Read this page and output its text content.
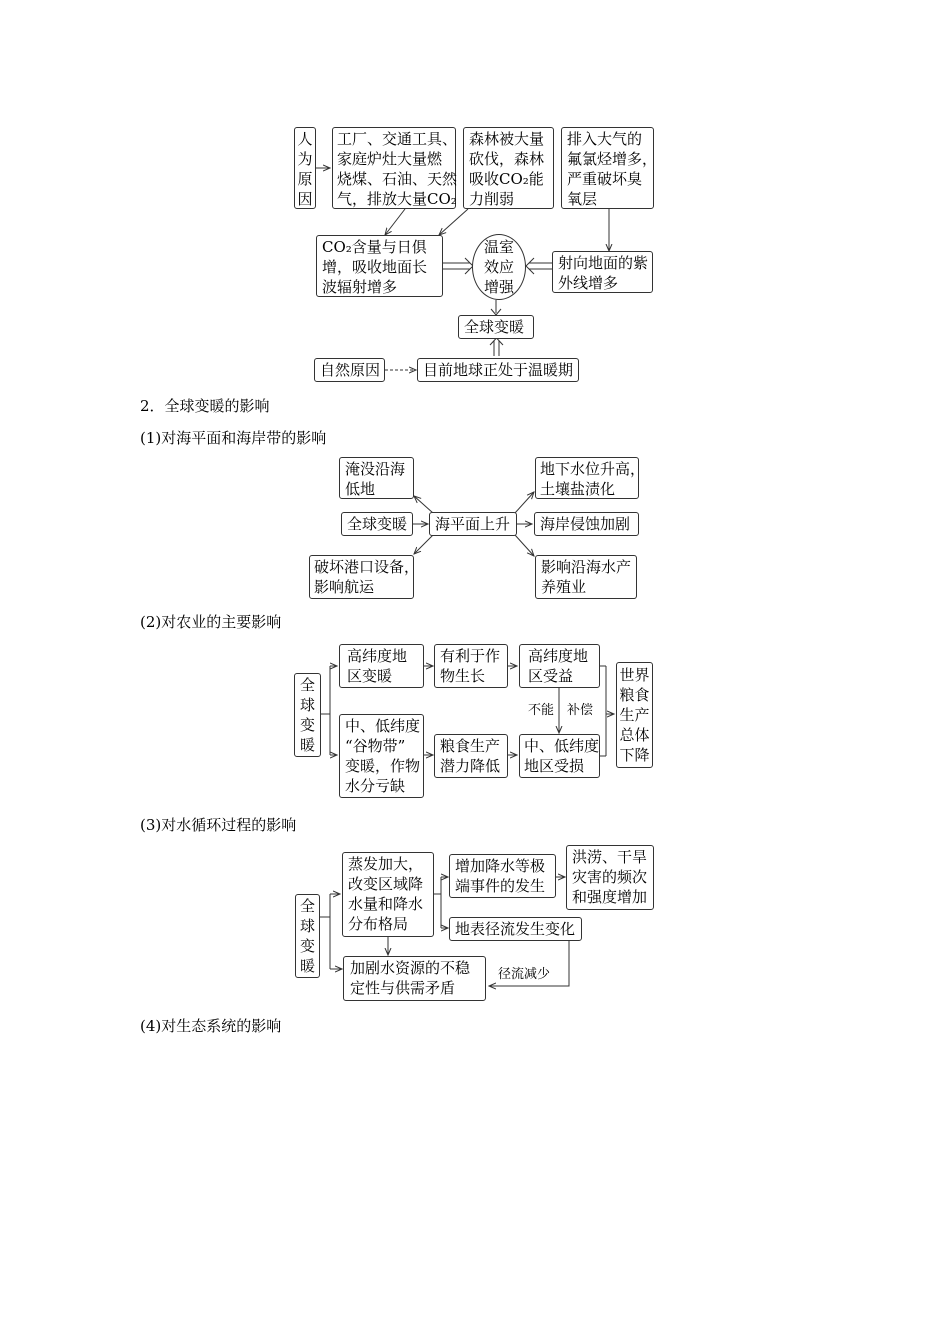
人
为
原
因
工厂、交通工具、
家庭炉灶大量燃
烧煤、石油、天然
气，排放大量CO₂
森林被大量
砍伐，森林
吸收CO₂能
力削弱
排入大气的
氟氯烃增多，
严重破坏臭
氧层
CO₂含量与日俱
增，吸收地面长
波辐射增多
温室
效应
增强
射向地面的紫
外线增多
全球变暖
自然原因	目前地球正处于温暖期
2．全球变暖的影响
(1)对海平面和海岸带的影响
淹没沿海
低地
全球变暖	海平面上升
破坏港口设备，
影响航运
地下水位升高，
土壤盐渍化
海岸侵蚀加剧
影响沿海水产
养殖业
(2)对农业的主要影响
全
球
变
暖
高纬度地
区变暖
有利于作
物生长
高纬度地
区受益
不能 补偿
中、低纬度
“谷物带”
变暖，作物
水分亏缺
粮食生产
潜力降低
中、低纬度
地区受损
世界
粮食
生产
总体
下降
(3)对水循环过程的影响
全
球
变
暖
蒸发加大，
改变区域降
水量和降水
分布格局
增加降水等极
端事件的发生
洪涝、干旱
灾害的频次
和强度增加
地表径流发生变化
加剧水资源的不稳
定性与供需矛盾
径流减少
(4)对生态系统的影响
